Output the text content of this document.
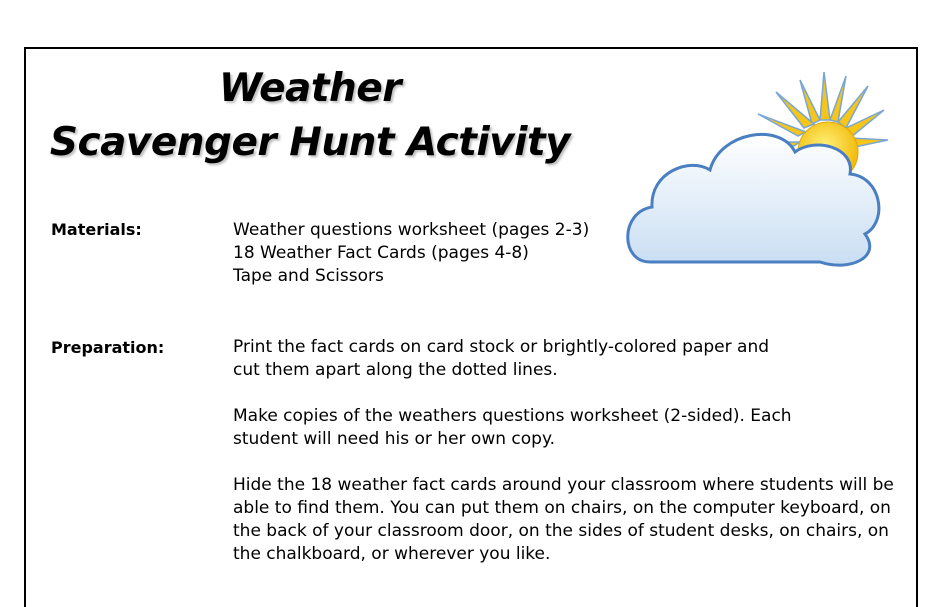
Weather
Scavenger Hunt Activity
Materials:	Weather questions worksheet (pages 2-3)
18 Weather Fact Cards (pages 4-8)
Tape and Scissors
Preparation:	Print the fact cards on card stock or brightly-colored paper and cut them apart along the dotted lines.

Make copies of the weathers questions worksheet (2-sided). Each student will need his or her own copy.

Hide the 18 weather fact cards around your classroom where students will be able to find them. You can put them on chairs, on the computer keyboard, on the back of your classroom door, on the sides of student desks, on chairs, on the chalkboard, or wherever you like.
